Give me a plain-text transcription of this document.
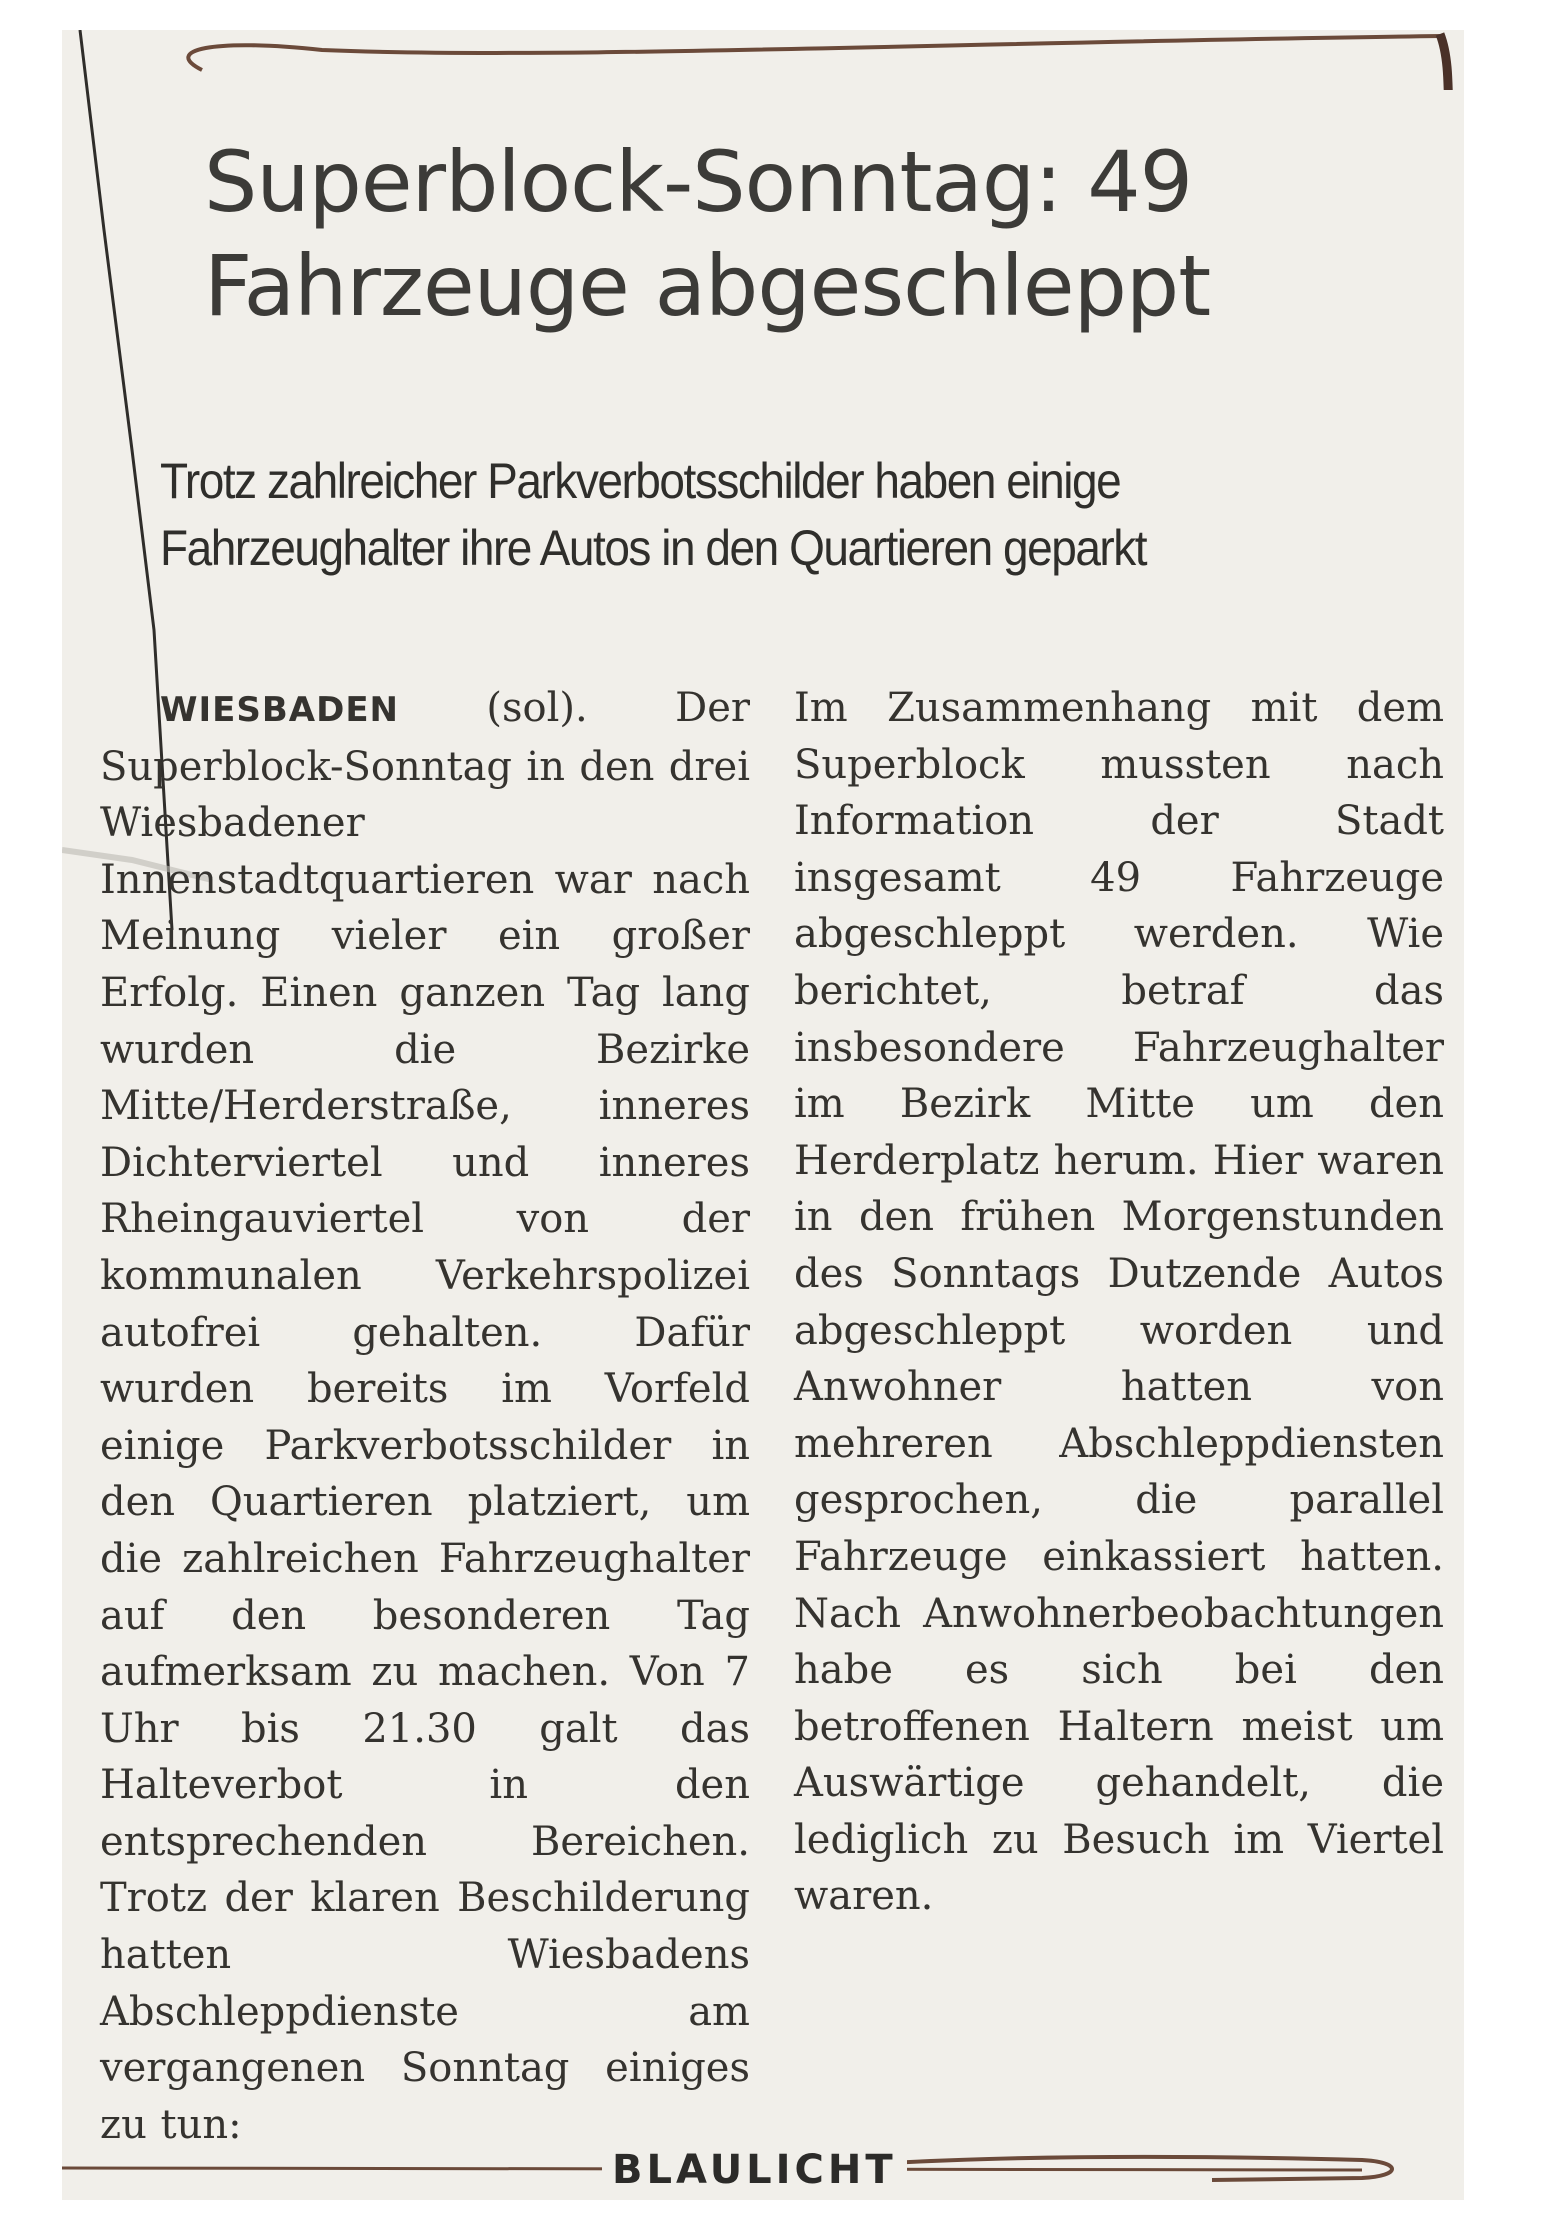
Superblock-Sonntag: 49
Fahrzeuge abgeschleppt
Trotz zahlreicher Parkverbotsschilder haben einige
Fahrzeughalter ihre Autos in den Quartieren geparkt

WIESBADEN (sol). Der Superblock-Sonntag in den drei Wiesbadener Innenstadtquartieren war nach Meinung vieler ein großer Erfolg. Einen ganzen Tag lang wurden die Bezirke Mitte/Herderstraße, inneres Dichterviertel und inneres Rheingauviertel von der kommunalen Verkehrspolizei autofrei gehalten. Dafür wurden bereits im Vorfeld einige Parkverbotsschilder in den Quartieren platziert, um die zahlreichen Fahrzeughalter auf den besonderen Tag aufmerksam zu machen. Von 7 Uhr bis 21.30 galt das Halteverbot in den entsprechenden Bereichen. Trotz der klaren Beschilderung hatten Wiesbadens Abschleppdienste am vergangenen Sonntag einiges zu tun:

Im Zusammenhang mit dem Superblock mussten nach Information der Stadt insgesamt 49 Fahrzeuge abgeschleppt werden. Wie berichtet, betraf das insbesondere Fahrzeughalter im Bezirk Mitte um den Herderplatz herum. Hier waren in den frühen Morgenstunden des Sonntags Dutzende Autos abgeschleppt worden und Anwohner hatten von mehreren Abschleppdiensten gesprochen, die parallel Fahrzeuge einkassiert hatten. Nach Anwohnerbeobachtungen habe es sich bei den betroffenen Haltern meist um Auswärtige gehandelt, die lediglich zu Besuch im Viertel waren.

BLAULICHT
